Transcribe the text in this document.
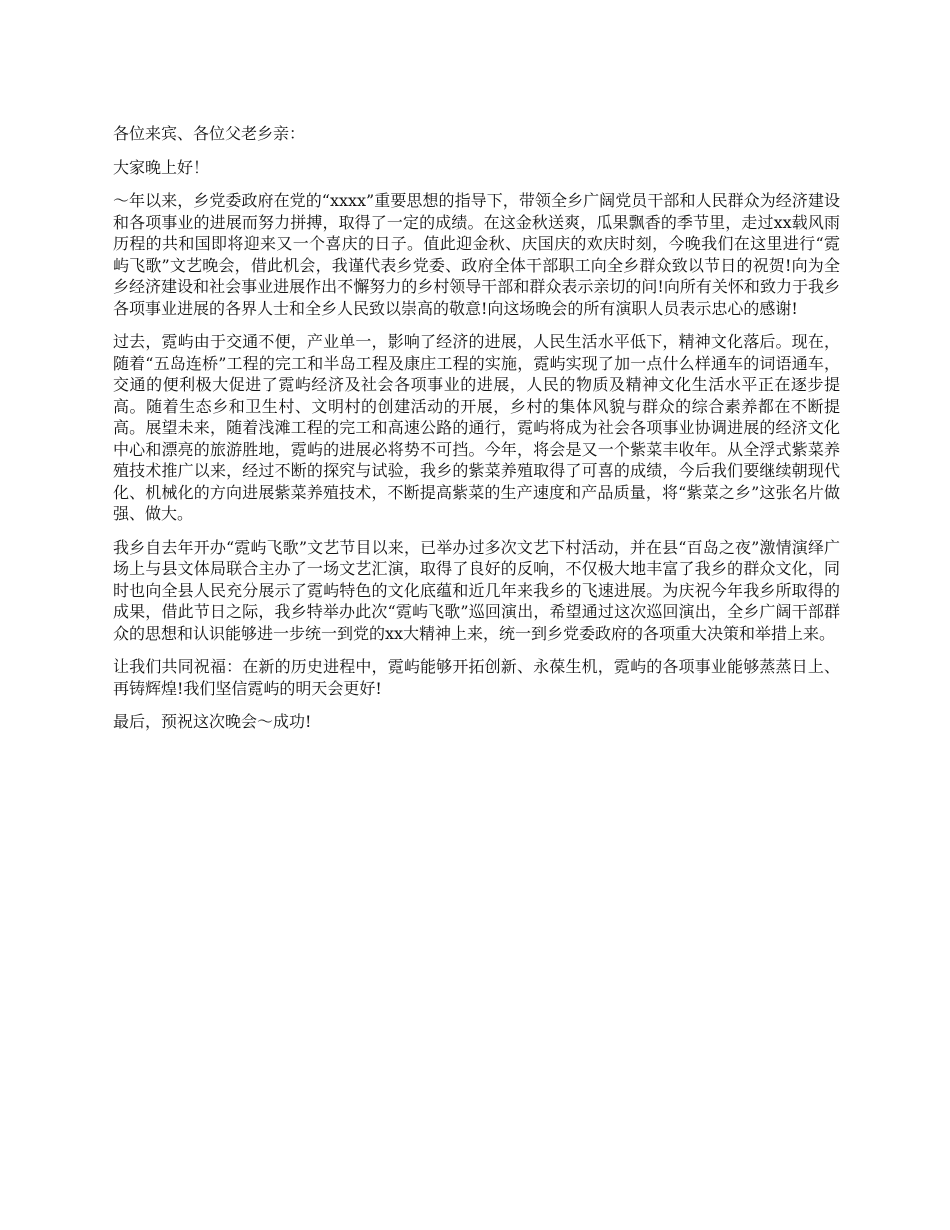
各位来宾、各位父老乡亲：

大家晚上好！

～年以来，乡党委政府在党的“xxxx”重要思想的指导下，带领全乡广阔党员干部和人民群众为经济建设和各项事业的进展而努力拼搏，取得了一定的成绩。在这金秋送爽，瓜果飘香的季节里，走过xx载风雨历程的共和国即将迎来又一个喜庆的日子。值此迎金秋、庆国庆的欢庆时刻，今晚我们在这里进行“霓屿飞歌”文艺晚会，借此机会，我谨代表乡党委、政府全体干部职工向全乡群众致以节日的祝贺!向为全乡经济建设和社会事业进展作出不懈努力的乡村领导干部和群众表示亲切的问!向所有关怀和致力于我乡各项事业进展的各界人士和全乡人民致以崇高的敬意!向这场晚会的所有演职人员表示忠心的感谢!

过去，霓屿由于交通不便，产业单一，影响了经济的进展，人民生活水平低下，精神文化落后。现在，随着“五岛连桥”工程的完工和半岛工程及康庄工程的实施，霓屿实现了加一点什么样通车的词语通车，交通的便利极大促进了霓屿经济及社会各项事业的进展，人民的物质及精神文化生活水平正在逐步提高。随着生态乡和卫生村、文明村的创建活动的开展，乡村的集体风貌与群众的综合素养都在不断提高。展望未来，随着浅滩工程的完工和高速公路的通行，霓屿将成为社会各项事业协调进展的经济文化中心和漂亮的旅游胜地，霓屿的进展必将势不可挡。今年，将会是又一个紫菜丰收年。从全浮式紫菜养殖技术推广以来，经过不断的探究与试验，我乡的紫菜养殖取得了可喜的成绩，今后我们要继续朝现代化、机械化的方向进展紫菜养殖技术，不断提高紫菜的生产速度和产品质量，将“紫菜之乡”这张名片做强、做大。

我乡自去年开办“霓屿飞歌”文艺节目以来，已举办过多次文艺下村活动，并在县“百岛之夜”激情演绎广场上与县文体局联合主办了一场文艺汇演，取得了良好的反响，不仅极大地丰富了我乡的群众文化，同时也向全县人民充分展示了霓屿特色的文化底蕴和近几年来我乡的飞速进展。为庆祝今年我乡所取得的成果，借此节日之际，我乡特举办此次“霓屿飞歌”巡回演出，希望通过这次巡回演出，全乡广阔干部群众的思想和认识能够进一步统一到党的xx大精神上来，统一到乡党委政府的各项重大决策和举措上来。

让我们共同祝福：在新的历史进程中，霓屿能够开拓创新、永葆生机，霓屿的各项事业能够蒸蒸日上、再铸辉煌!我们坚信霓屿的明天会更好!

最后，预祝这次晚会～成功!
